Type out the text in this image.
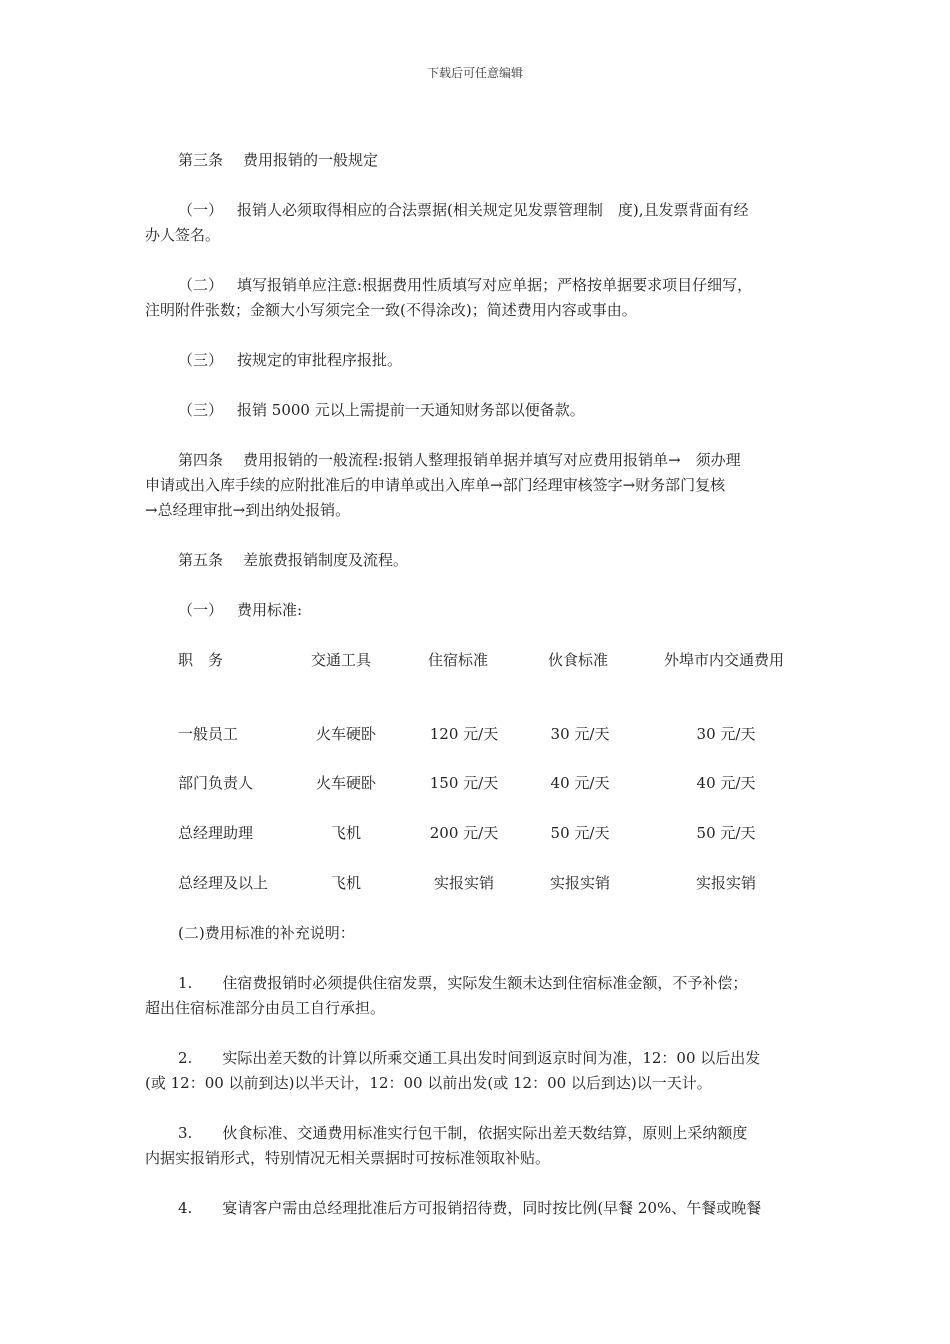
下载后可任意编辑
第三条 费用报销的一般规定
（一） 报销人必须取得相应的合法票据(相关规定见发票管理制　度),且发票背面有经
办人签名。
（二） 填写报销单应注意:根据费用性质填写对应单据；严格按单据要求项目仔细写，
注明附件张数；金额大小写须完全一致(不得涂改)；简述费用内容或事由。
（三） 按规定的审批程序报批。
（三） 报销 5000 元以上需提前一天通知财务部以便备款。
第四条 费用报销的一般流程:报销人整理报销单据并填写对应费用报销单→　须办理
申请或出入库手续的应附批准后的申请单或出入库单→部门经理审核签字→财务部门复核
→总经理审批→到出纳处报销。
第五条 差旅费报销制度及流程。
（一） 费用标准:
职　务	交通工具	住宿标准	伙食标准	外埠市内交通费用
一般员工	火车硬卧	120 元/天	30 元/天	30 元/天
部门负责人	火车硬卧	150 元/天	40 元/天	40 元/天
总经理助理	飞机	200 元/天	50 元/天	50 元/天
总经理及以上	飞机	实报实销	实报实销	实报实销
(二)费用标准的补充说明：
1. 住宿费报销时必须提供住宿发票，实际发生额未达到住宿标准金额，不予补偿；
超出住宿标准部分由员工自行承担。
2. 实际出差天数的计算以所乘交通工具出发时间到返京时间为准，12：00 以后出发
(或 12：00 以前到达)以半天计，12：00 以前出发(或 12：00 以后到达)以一天计。
3. 伙食标准、交通费用标准实行包干制，依据实际出差天数结算，原则上采纳额度
内据实报销形式，特别情况无相关票据时可按标准领取补贴。
4. 宴请客户需由总经理批准后方可报销招待费，同时按比例(早餐 20%、午餐或晚餐
